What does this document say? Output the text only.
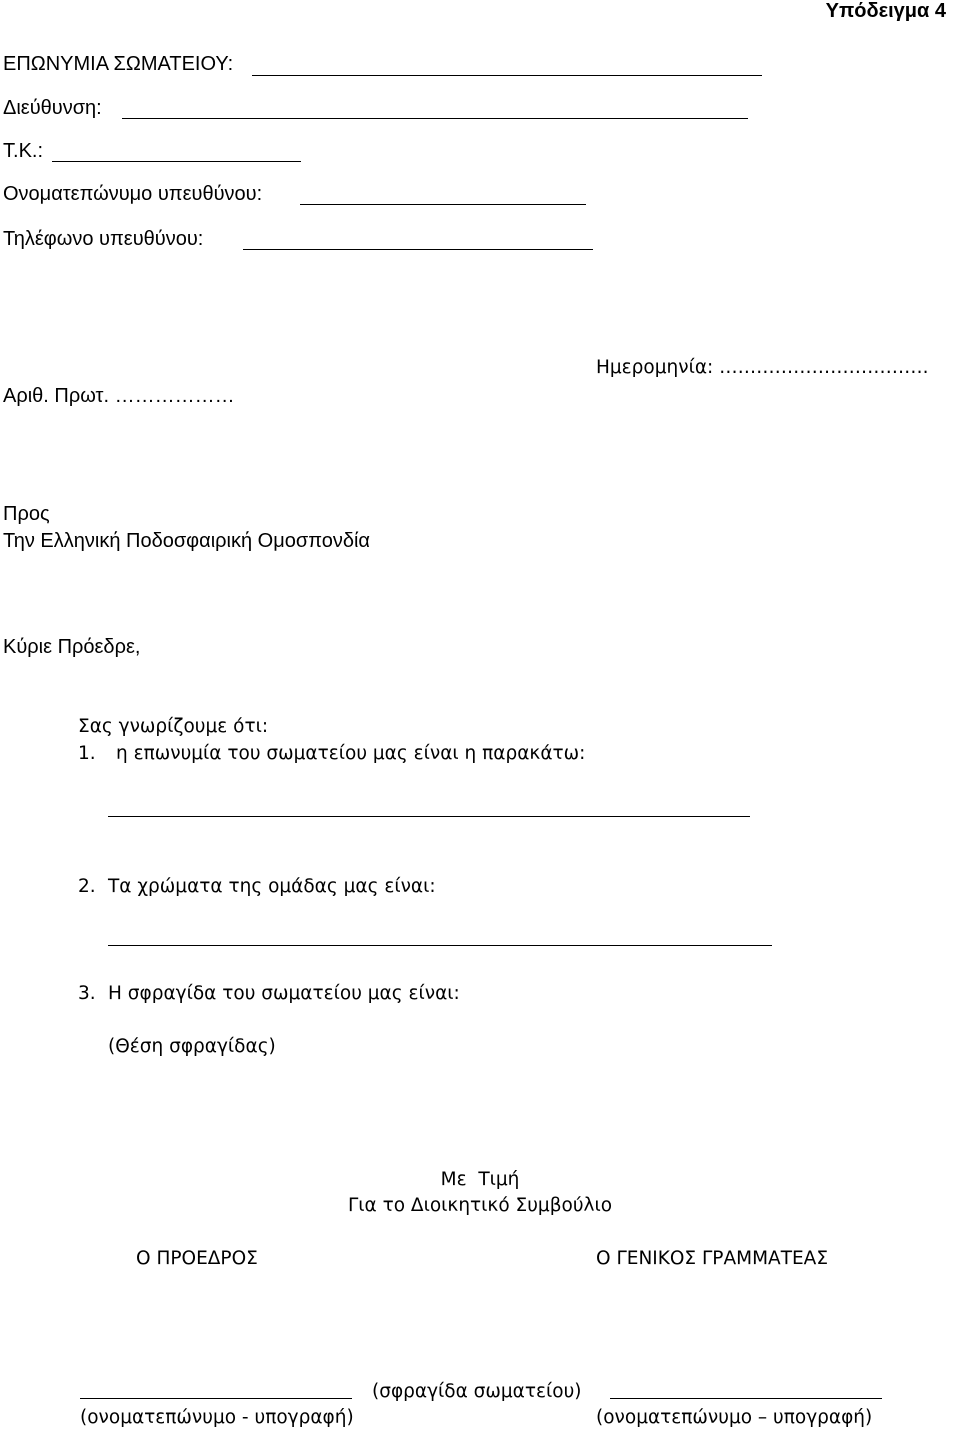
Υπόδειγμα 4
ΕΠΩΝΥΜΙΑ ΣΩΜΑΤΕΙΟΥ:
Διεύθυνση:
Τ.Κ.:
Ονοματεπώνυμο υπευθύνου:
Τηλέφωνο υπευθύνου:
Αριθ. Πρωτ. ………………
Ημερομηνία: …………………………….
Προς
Την Ελληνική Ποδοσφαιρική Ομοσπονδία
Κύριε Πρόεδρε,
Σας γνωρίζουμε ότι:
1. η επωνυμία του σωματείου μας είναι η παρακάτω:
2. Τα χρώματα της ομάδας μας είναι:
3. Η σφραγίδα του σωματείου μας είναι:
(Θέση σφραγίδας)
Με  Τιμή
Για το Διοικητικό Συμβούλιο
Ο ΠΡΟΕΔΡΟΣ	Ο ΓΕΝΙΚΟΣ ΓΡΑΜΜΑΤΕΑΣ
(σφραγίδα σωματείου)
(ονοματεπώνυμο - υπογραφή)	(ονοματεπώνυμο – υπογραφή)
